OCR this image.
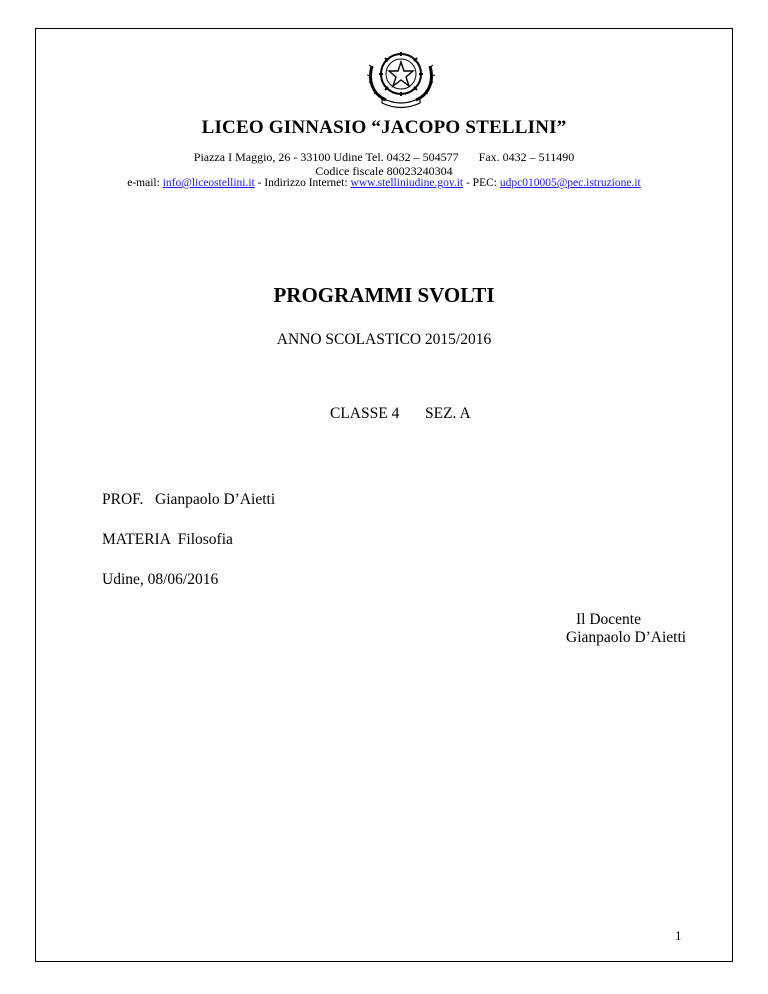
LICEO GINNASIO “JACOPO STELLINI”
Piazza I Maggio, 26 - 33100 Udine Tel. 0432 – 504577 Fax. 0432 – 511490
Codice fiscale 80023240304
e-mail: info@liceostellini.it - Indirizzo Internet: www.stelliniudine.gov.it - PEC: udpc010005@pec.istruzione.it
PROGRAMMI SVOLTI
ANNO SCOLASTICO 2015/2016
CLASSE 4 SEZ. A
PROF.   Gianpaolo D’Aietti
MATERIA  Filosofia
Udine, 08/06/2016
Il Docente
Gianpaolo D’Aietti
1
